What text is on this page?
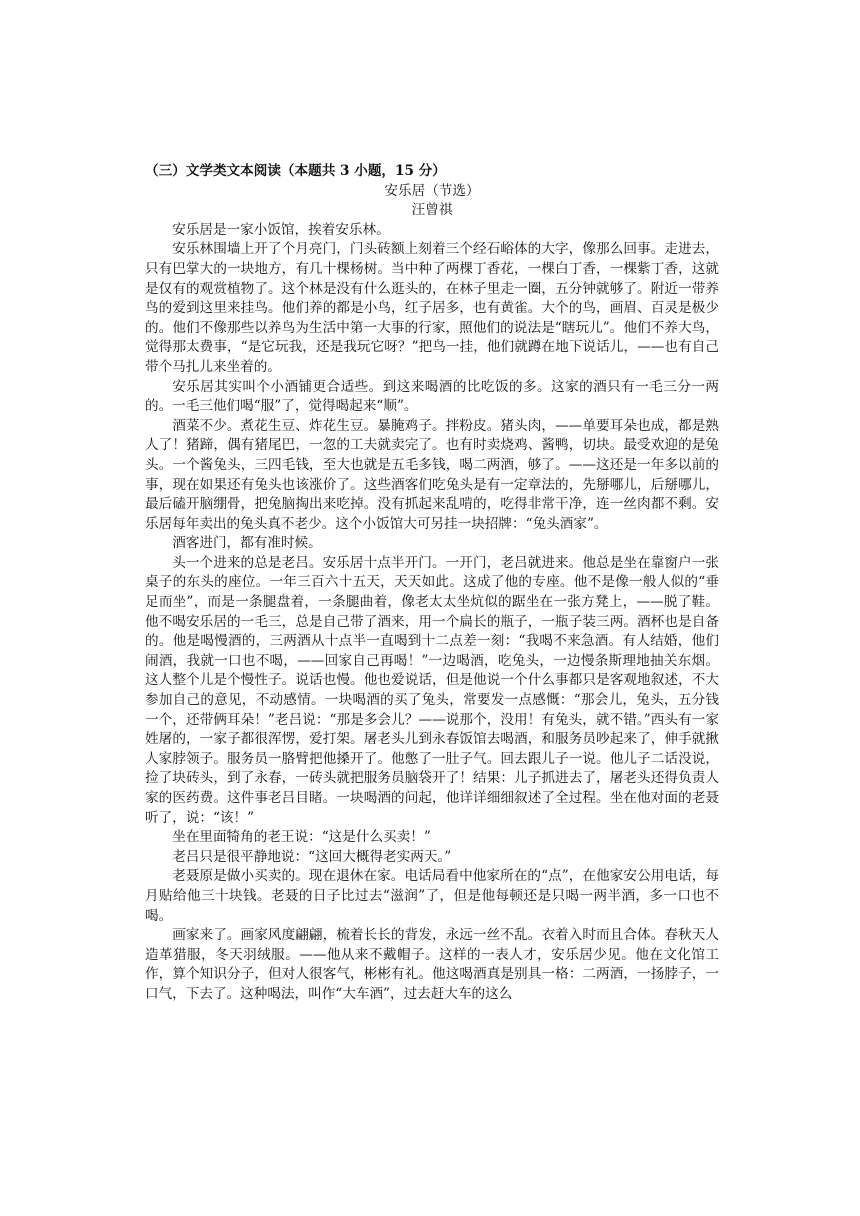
（三）文学类文本阅读（本题共 3 小题，15 分）

安乐居（节选）

汪曾祺

安乐居是一家小饭馆，挨着安乐林。

安乐林围墙上开了个月亮门，门头砖额上刻着三个经石峪体的大字，像那么回事。走进去，只有巴掌大的一块地方，有几十棵杨树。当中种了两棵丁香花，一棵白丁香，一棵紫丁香，这就是仅有的观赏植物了。这个林是没有什么逛头的，在林子里走一圈，五分钟就够了。附近一带养鸟的爱到这里来挂鸟。他们养的都是小鸟，红子居多，也有黄雀。大个的鸟，画眉、百灵是极少的。他们不像那些以养鸟为生活中第一大事的行家，照他们的说法是“瞎玩儿”。他们不养大鸟，觉得那太费事，“是它玩我，还是我玩它呀？”把鸟一挂，他们就蹲在地下说话儿，——也有自己带个马扎儿来坐着的。

安乐居其实叫个小酒铺更合适些。到这来喝酒的比吃饭的多。这家的酒只有一毛三分一两的。一毛三他们喝“服”了，觉得喝起来“顺”。

酒菜不少。煮花生豆、炸花生豆。暴腌鸡子。拌粉皮。猪头肉，——单要耳朵也成，都是熟人了！猪蹄，偶有猪尾巴，一忽的工夫就卖完了。也有时卖烧鸡、酱鸭，切块。最受欢迎的是兔头。一个酱兔头，三四毛钱，至大也就是五毛多钱，喝二两酒，够了。——这还是一年多以前的事，现在如果还有兔头也该涨价了。这些酒客们吃兔头是有一定章法的，先掰哪儿，后掰哪儿，最后磕开脑绷骨，把兔脑掏出来吃掉。没有抓起来乱啃的，吃得非常干净，连一丝肉都不剩。安乐居每年卖出的兔头真不老少。这个小饭馆大可另挂一块招牌：“兔头酒家”。

酒客进门，都有准时候。

头一个进来的总是老吕。安乐居十点半开门。一开门，老吕就进来。他总是坐在靠窗户一张桌子的东头的座位。一年三百六十五天，天天如此。这成了他的专座。他不是像一般人似的“垂足而坐”，而是一条腿盘着，一条腿曲着，像老太太坐炕似的踞坐在一张方凳上，——脱了鞋。他不喝安乐居的一毛三，总是自己带了酒来，用一个扁长的瓶子，一瓶子装三两。酒杯也是自备的。他是喝慢酒的，三两酒从十点半一直喝到十二点差一刻：“我喝不来急酒。有人结婚，他们闹酒，我就一口也不喝，——回家自己再喝！”一边喝酒，吃兔头，一边慢条斯理地抽关东烟。这人整个儿是个慢性子。说话也慢。他也爱说话，但是他说一个什么事都只是客观地叙述，不大参加自己的意见，不动感情。一块喝酒的买了兔头，常要发一点感慨：“那会儿，兔头，五分钱一个，还带俩耳朵！”老吕说：“那是多会儿？——说那个，没用！有兔头，就不错。”西头有一家姓屠的，一家子都很浑愣，爱打架。屠老头儿到永春饭馆去喝酒，和服务员吵起来了，伸手就揪人家脖领子。服务员一胳臂把他搡开了。他憋了一肚子气。回去跟儿子一说。他儿子二话没说，捡了块砖头，到了永春，一砖头就把服务员脑袋开了！结果：儿子抓进去了，屠老头还得负责人家的医药费。这件事老吕目睹。一块喝酒的问起，他详详细细叙述了全过程。坐在他对面的老聂听了，说：“该！”

坐在里面犄角的老王说：“这是什么买卖！”

老吕只是很平静地说：“这回大概得老实两天。”

老聂原是做小买卖的。现在退休在家。电话局看中他家所在的“点”，在他家安公用电话，每月贴给他三十块钱。老聂的日子比过去“滋润”了，但是他每顿还是只喝一两半酒，多一口也不喝。

画家来了。画家风度翩翩，梳着长长的背发，永远一丝不乱。衣着入时而且合体。春秋天人造革猎服，冬天羽绒服。——他从来不戴帽子。这样的一表人才，安乐居少见。他在文化馆工作，算个知识分子，但对人很客气，彬彬有礼。他这喝酒真是别具一格：二两酒，一扬脖子，一口气，下去了。这种喝法，叫作“大车酒”，过去赶大车的这么
